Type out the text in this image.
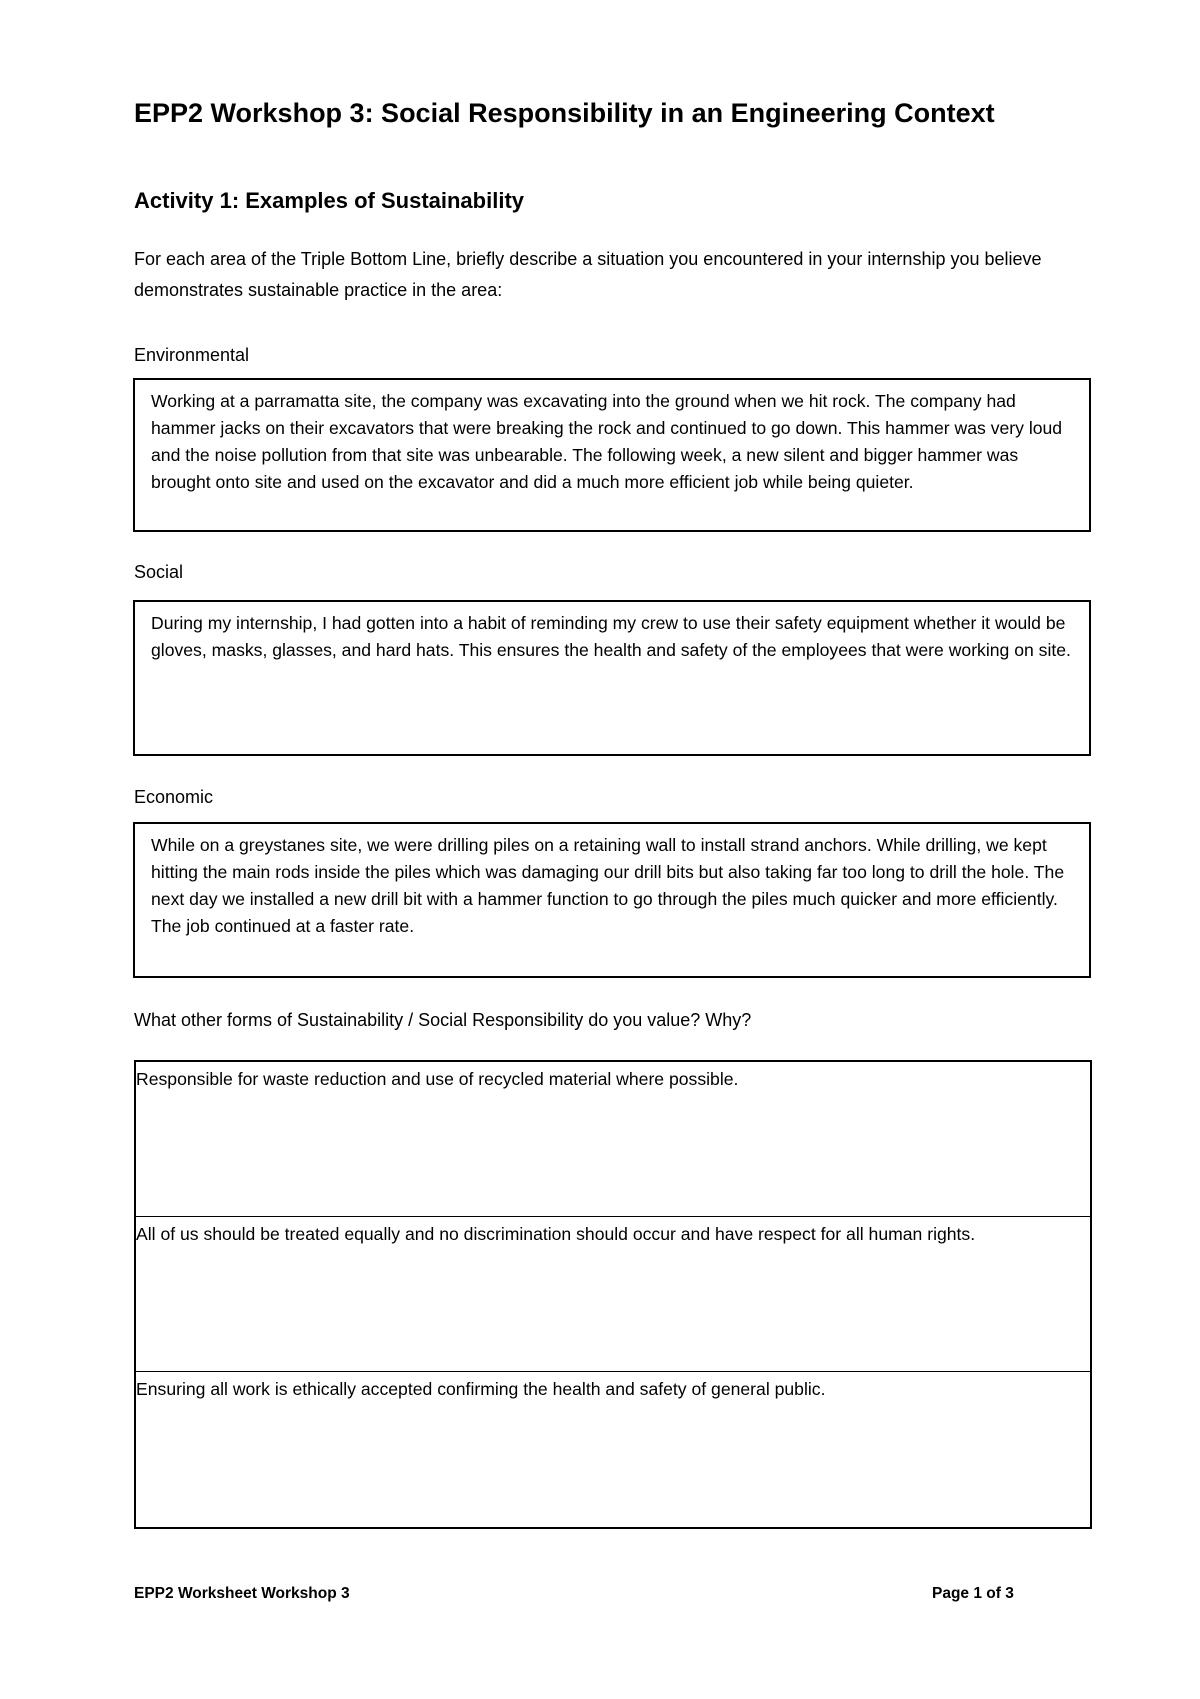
EPP2 Workshop 3: Social Responsibility in an Engineering Context
Activity 1: Examples of Sustainability

For each area of the Triple Bottom Line, briefly describe a situation you encountered in your internship you believe demonstrates sustainable practice in the area:

Environmental

Working at a parramatta site, the company was excavating into the ground when we hit rock. The company had hammer jacks on their excavators that were breaking the rock and continued to go down. This hammer was very loud and the noise pollution from that site was unbearable. The following week, a new silent and bigger hammer was brought onto site and used on the excavator and did a much more efficient job while being quieter.

Social

During my internship, I had gotten into a habit of reminding my crew to use their safety equipment whether it would be gloves, masks, glasses, and hard hats. This ensures the health and safety of the employees that were working on site.

Economic

While on a greystanes site, we were drilling piles on a retaining wall to install strand anchors. While drilling, we kept hitting the main rods inside the piles which was damaging our drill bits but also taking far too long to drill the hole. The next day we installed a new drill bit with a hammer function to go through the piles much quicker and more efficiently. The job continued at a faster rate.

What other forms of Sustainability / Social Responsibility do you value? Why?

Responsible for waste reduction and use of recycled material where possible.
All of us should be treated equally and no discrimination should occur and have respect for all human rights.
Ensuring all work is ethically accepted confirming the health and safety of general public.
EPP2 Worksheet Workshop 3	Page 1 of 3
